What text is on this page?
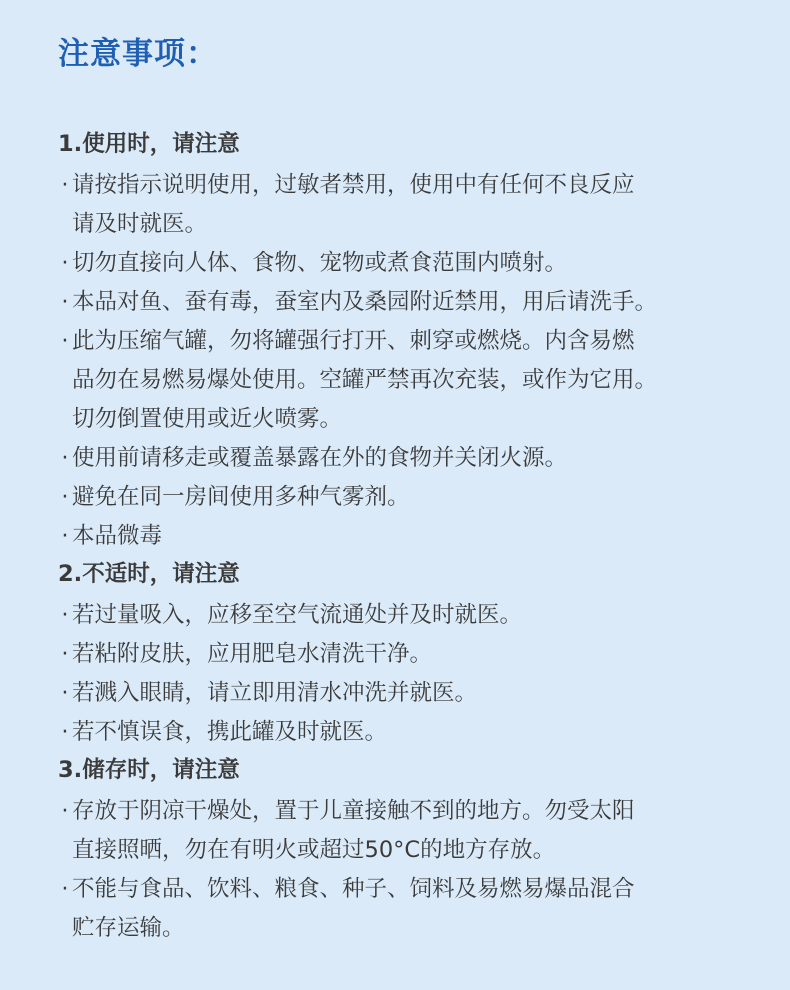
注意事项：
1.使用时，请注意
· 请按指示说明使用，过敏者禁用，使用中有任何不良反应
请及时就医。
· 切勿直接向人体、食物、宠物或煮食范围内喷射。
· 本品对鱼、蚕有毒，蚕室内及桑园附近禁用，用后请洗手。
· 此为压缩气罐，勿将罐强行打开、刺穿或燃烧。内含易燃
品勿在易燃易爆处使用。空罐严禁再次充装，或作为它用。
切勿倒置使用或近火喷雾。
· 使用前请移走或覆盖暴露在外的食物并关闭火源。
· 避免在同一房间使用多种气雾剂。
· 本品微毒
2.不适时，请注意
· 若过量吸入，应移至空气流通处并及时就医。
· 若粘附皮肤，应用肥皂水清洗干净。
· 若溅入眼睛，请立即用清水冲洗并就医。
· 若不慎误食，携此罐及时就医。
3.储存时，请注意
· 存放于阴凉干燥处，置于儿童接触不到的地方。勿受太阳
直接照晒，勿在有明火或超过50°C的地方存放。
· 不能与食品、饮料、粮食、种子、饲料及易燃易爆品混合
贮存运输。
